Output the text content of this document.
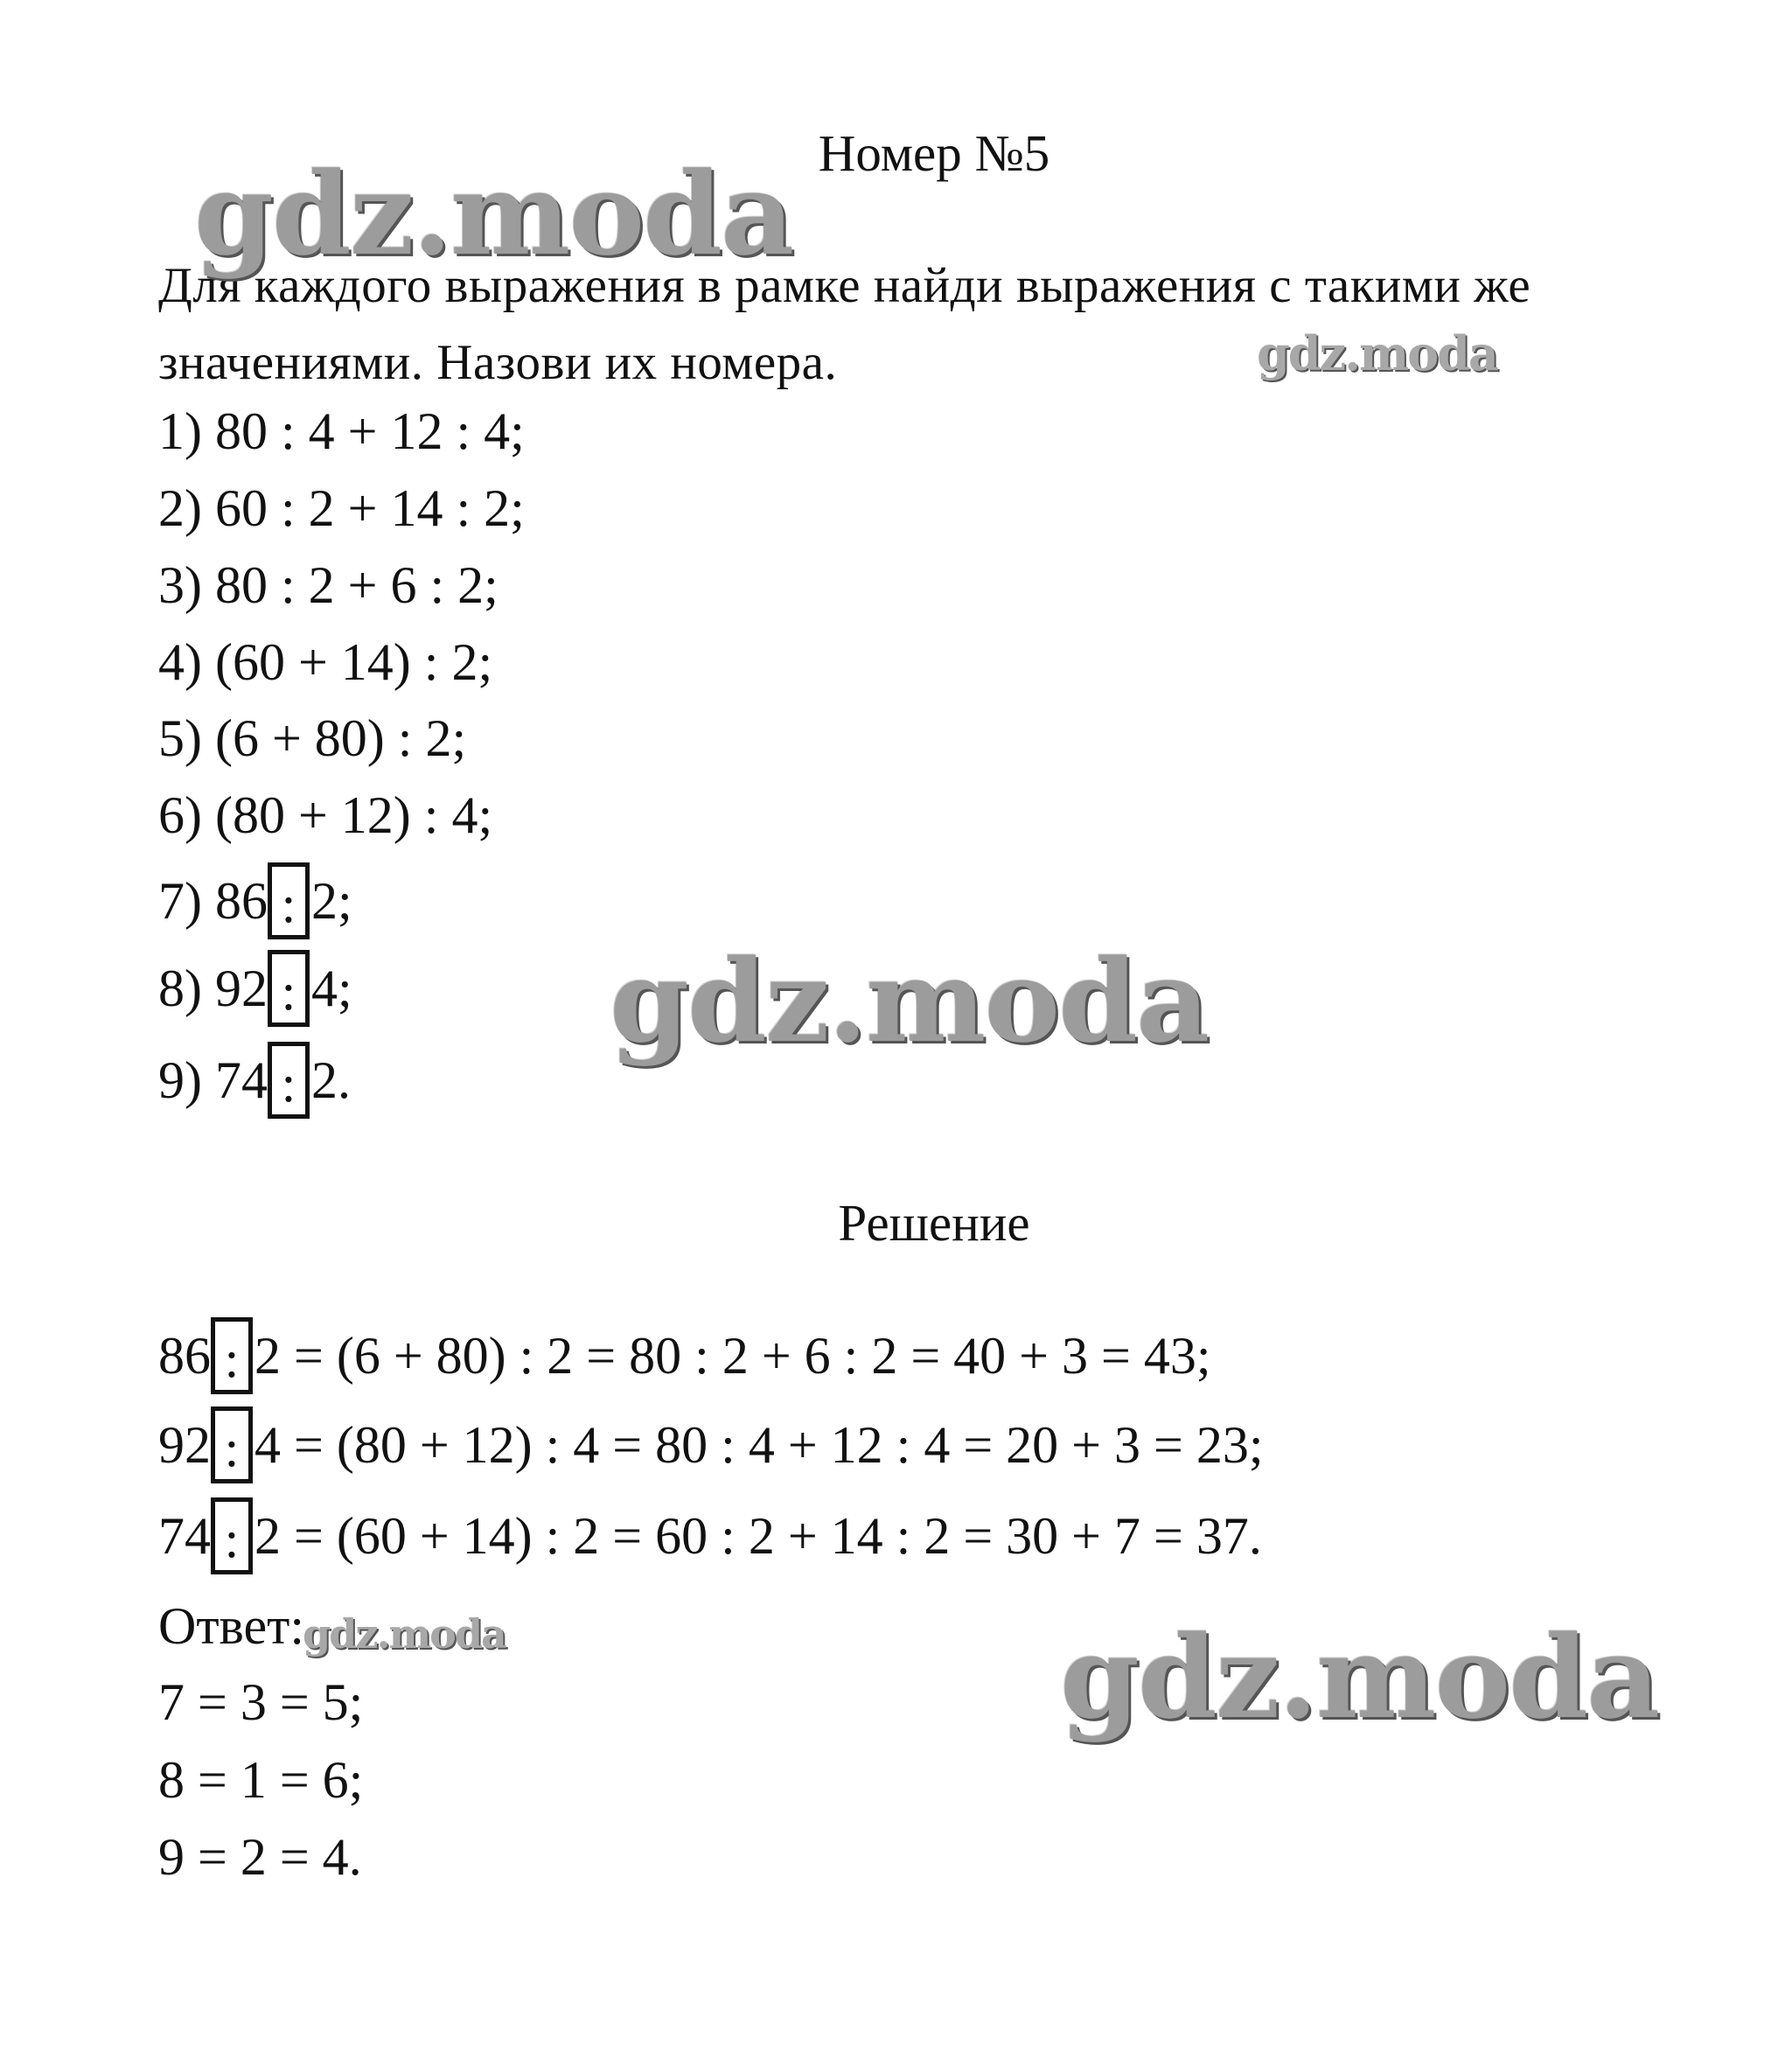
Номер №5
Для каждого выражения в рамке найди выражения с такими же
значениями. Назови их номера.
1) 80 : 4 + 12 : 4;
2) 60 : 2 + 14 : 2;
3) 80 : 2 + 6 : 2;
4) (60 + 14) : 2;
5) (6 + 80) : 2;
6) (80 + 12) : 4;
7) 86 : 2;
8) 92 : 4;
9) 74 : 2.
Решение
86 : 2 = (6 + 80) : 2 = 80 : 2 + 6 : 2 = 40 + 3 = 43;
92 : 4 = (80 + 12) : 4 = 80 : 4 + 12 : 4 = 20 + 3 = 23;
74 : 2 = (60 + 14) : 2 = 60 : 2 + 14 : 2 = 30 + 7 = 37.
Ответ:
7 = 3 = 5;
8 = 1 = 6;
9 = 2 = 4.
gdz.moda
gdz.moda
gdz.moda
gdz.moda	gdz.moda
